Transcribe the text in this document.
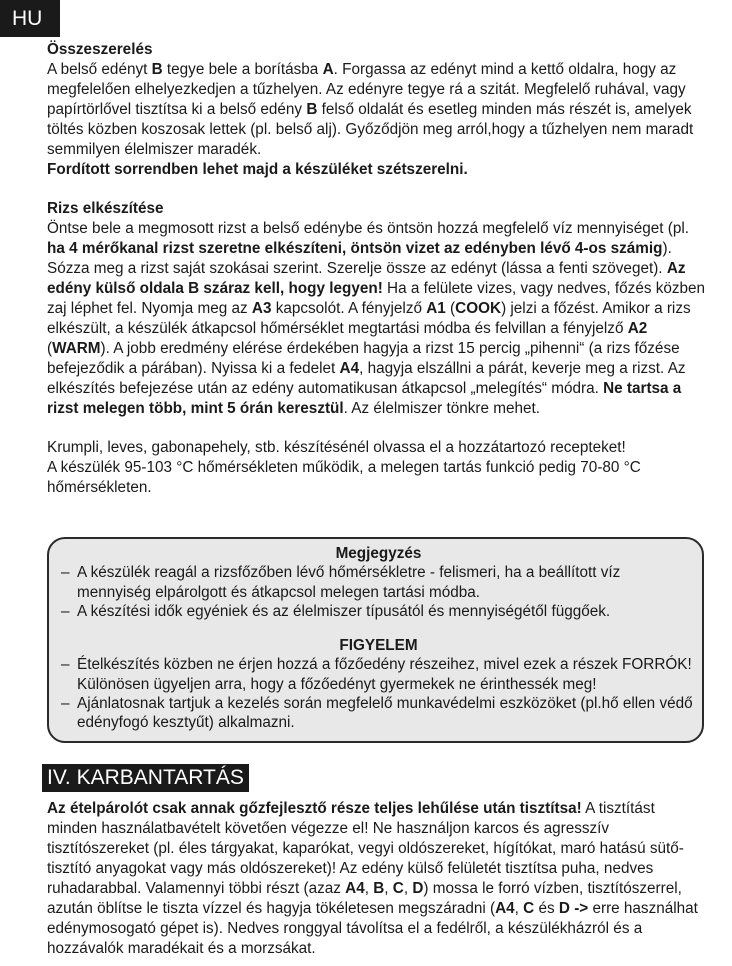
HU

Összeszerelés

A belső edényt B tegye bele a borításba A. Forgassa az edényt mind a kettő oldalra, hogy az megfelelően elhelyezkedjen a tűzhelyen. Az edényre tegye rá a szitát. Megfelelő ruhával, vagy papírtörlővel tisztítsa ki a belső edény B felső oldalát és esetleg minden más részét is, amelyek töltés közben koszosak lettek (pl. belső alj). Győződjön meg arról,hogy a tűzhelyen nem maradt semmilyen élelmiszer maradék.

Fordított sorrendben lehet majd a készüléket szétszerelni.

Rizs elkészítése

Öntse bele a megmosott rizst a belső edénybe és öntsön hozzá megfelelő víz mennyiséget (pl. ha 4 mérőkanal rizst szeretne elkészíteni, öntsön vizet az edényben lévő 4-os számig). Sózza meg a rizst saját szokásai szerint. Szerelje össze az edényt (lássa a fenti szöveget). Az edény külső oldala B száraz kell, hogy legyen! Ha a felülete vizes, vagy nedves, főzés közben zaj léphet fel. Nyomja meg az A3 kapcsolót. A fényjelző A1 (COOK) jelzi a főzést. Amikor a rizs elkészült, a készülék átkapcsol hőmérséklet megtartási módba és felvillan a fényjelző A2 (WARM). A jobb eredmény elérése érdekében hagyja a rizst 15 percig „pihenni“ (a rizs főzése befejeződik a párában). Nyissa ki a fedelet A4, hagyja elszállni a párát, keverje meg a rizst. Az elkészítés befejezése után az edény automatikusan átkapcsol „melegítés“ módra. Ne tartsa a rizst melegen több, mint 5 órán keresztül. Az élelmiszer tönkre mehet.

Krumpli, leves, gabonapehely, stb. készítésénél olvassa el a hozzátartozó recepteket!

A készülék 95-103 °C hőmérsékleten működik, a melegen tartás funkció pedig 70-80 °C hőmérsékleten.

Megjegyzés
– A készülék reagál a rizsfőzőben lévő hőmérsékletre - felismeri, ha a beállított víz mennyiség elpárolgott és átkapcsol melegen tartási módba.
– A készítési idők egyéniek és az élelmiszer típusától és mennyiségétől függőek.
FIGYELEM
– Ételkészítés közben ne érjen hozzá a főzőedény részeihez, mivel ezek a részek FORRÓK! Különösen ügyeljen arra, hogy a főzőedényt gyermekek ne érinthessék meg!
– Ajánlatosnak tartjuk a kezelés során megfelelő munkavédelmi eszközöket (pl.hő ellen védő edényfogó kesztyűt) alkalmazni.
IV. KARBANTARTÁS

Az ételpárolót csak annak gőzfejlesztő része teljes lehűlése után tisztítsa! A tisztítást minden használatbavételt követően végezze el! Ne használjon karcos és agresszív tisztítószereket (pl. éles tárgyakat, kaparókat, vegyi oldószereket, hígítókat, maró hatású sütő-tisztító anyagokat vagy más oldószereket)! Az edény külső felületét tisztítsa puha, nedves ruhadarabbal. Valamennyi többi részt (azaz A4, B, C, D) mossa le forró vízben, tisztítószerrel, azután öblítse le tiszta vízzel és hagyja tökéletesen megszáradni (A4, C és D -> erre használhat edénymosogató gépet is). Nedves ronggyal távolítsa el a fedélről, a készülékházról és a hozzávalók maradékait és a morzsákat.
